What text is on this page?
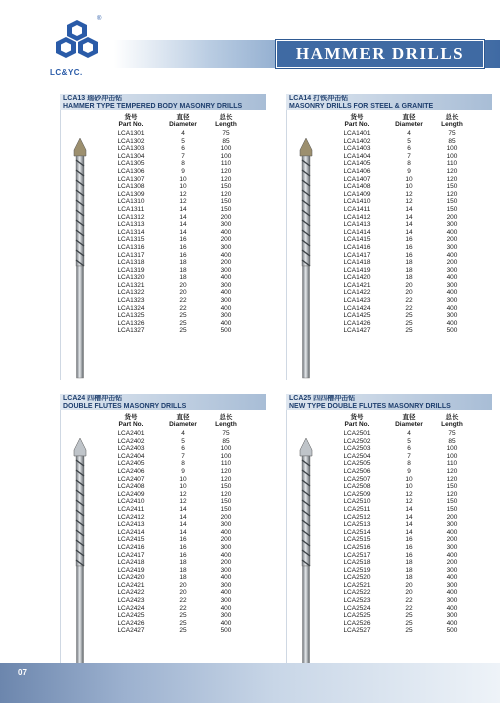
®
LC&YC.
HAMMER DRILLS
LCA13 瑞砂冲击钻
HAMMER TYPE TEMPERED BODY MASONRY DRILLS
货号
Part No.
直径
Diameter
总长
Length
LCA1301	4	75
LCA1302	5	85
LCA1303	6	100
LCA1304	7	100
LCA1305	8	110
LCA1306	9	120
LCA1307	10	120
LCA1308	10	150
LCA1309	12	120
LCA1310	12	150
LCA1311	14	150
LCA1312	14	200
LCA1313	14	300
LCA1314	14	400
LCA1315	16	200
LCA1316	16	300
LCA1317	16	400
LCA1318	18	200
LCA1319	18	300
LCA1320	18	400
LCA1321	20	300
LCA1322	20	400
LCA1323	22	300
LCA1324	22	400
LCA1325	25	300
LCA1326	25	400
LCA1327	25	500
LCA14 打铁冲击钻
MASONRY DRILLS FOR STEEL & GRANITE
货号
Part No.
直径
Diameter
总长
Length
LCA1401	4	75
LCA1402	5	85
LCA1403	6	100
LCA1404	7	100
LCA1405	8	110
LCA1406	9	120
LCA1407	10	120
LCA1408	10	150
LCA1409	12	120
LCA1410	12	150
LCA1411	14	150
LCA1412	14	200
LCA1413	14	300
LCA1414	14	400
LCA1415	16	200
LCA1416	16	300
LCA1417	16	400
LCA1418	18	200
LCA1419	18	300
LCA1420	18	400
LCA1421	20	300
LCA1422	20	400
LCA1423	22	300
LCA1424	22	400
LCA1425	25	300
LCA1426	25	400
LCA1427	25	500
LCA24 四槽冲击钻
DOUBLE FLUTES MASONRY DRILLS
货号
Part No.
直径
Diameter
总长
Length
LCA2401	4	75
LCA2402	5	85
LCA2403	6	100
LCA2404	7	100
LCA2405	8	110
LCA2406	9	120
LCA2407	10	120
LCA2408	10	150
LCA2409	12	120
LCA2410	12	150
LCA2411	14	150
LCA2412	14	200
LCA2413	14	300
LCA2414	14	400
LCA2415	16	200
LCA2416	16	300
LCA2417	16	400
LCA2418	18	200
LCA2419	18	300
LCA2420	18	400
LCA2421	20	300
LCA2422	20	400
LCA2423	22	300
LCA2424	22	400
LCA2425	25	300
LCA2426	25	400
LCA2427	25	500
LCA25 四四槽冲击钻
NEW TYPE DOUBLE FLUTES MASONRY DRILLS
货号
Part No.
直径
Diameter
总长
Length
LCA2501	4	75
LCA2502	5	85
LCA2503	6	100
LCA2504	7	100
LCA2505	8	110
LCA2506	9	120
LCA2507	10	120
LCA2508	10	150
LCA2509	12	120
LCA2510	12	150
LCA2511	14	150
LCA2512	14	200
LCA2513	14	300
LCA2514	14	400
LCA2515	16	200
LCA2516	16	300
LCA2517	16	400
LCA2518	18	200
LCA2519	18	300
LCA2520	18	400
LCA2521	20	300
LCA2522	20	400
LCA2523	22	300
LCA2524	22	400
LCA2525	25	300
LCA2526	25	400
LCA2527	25	500
07
